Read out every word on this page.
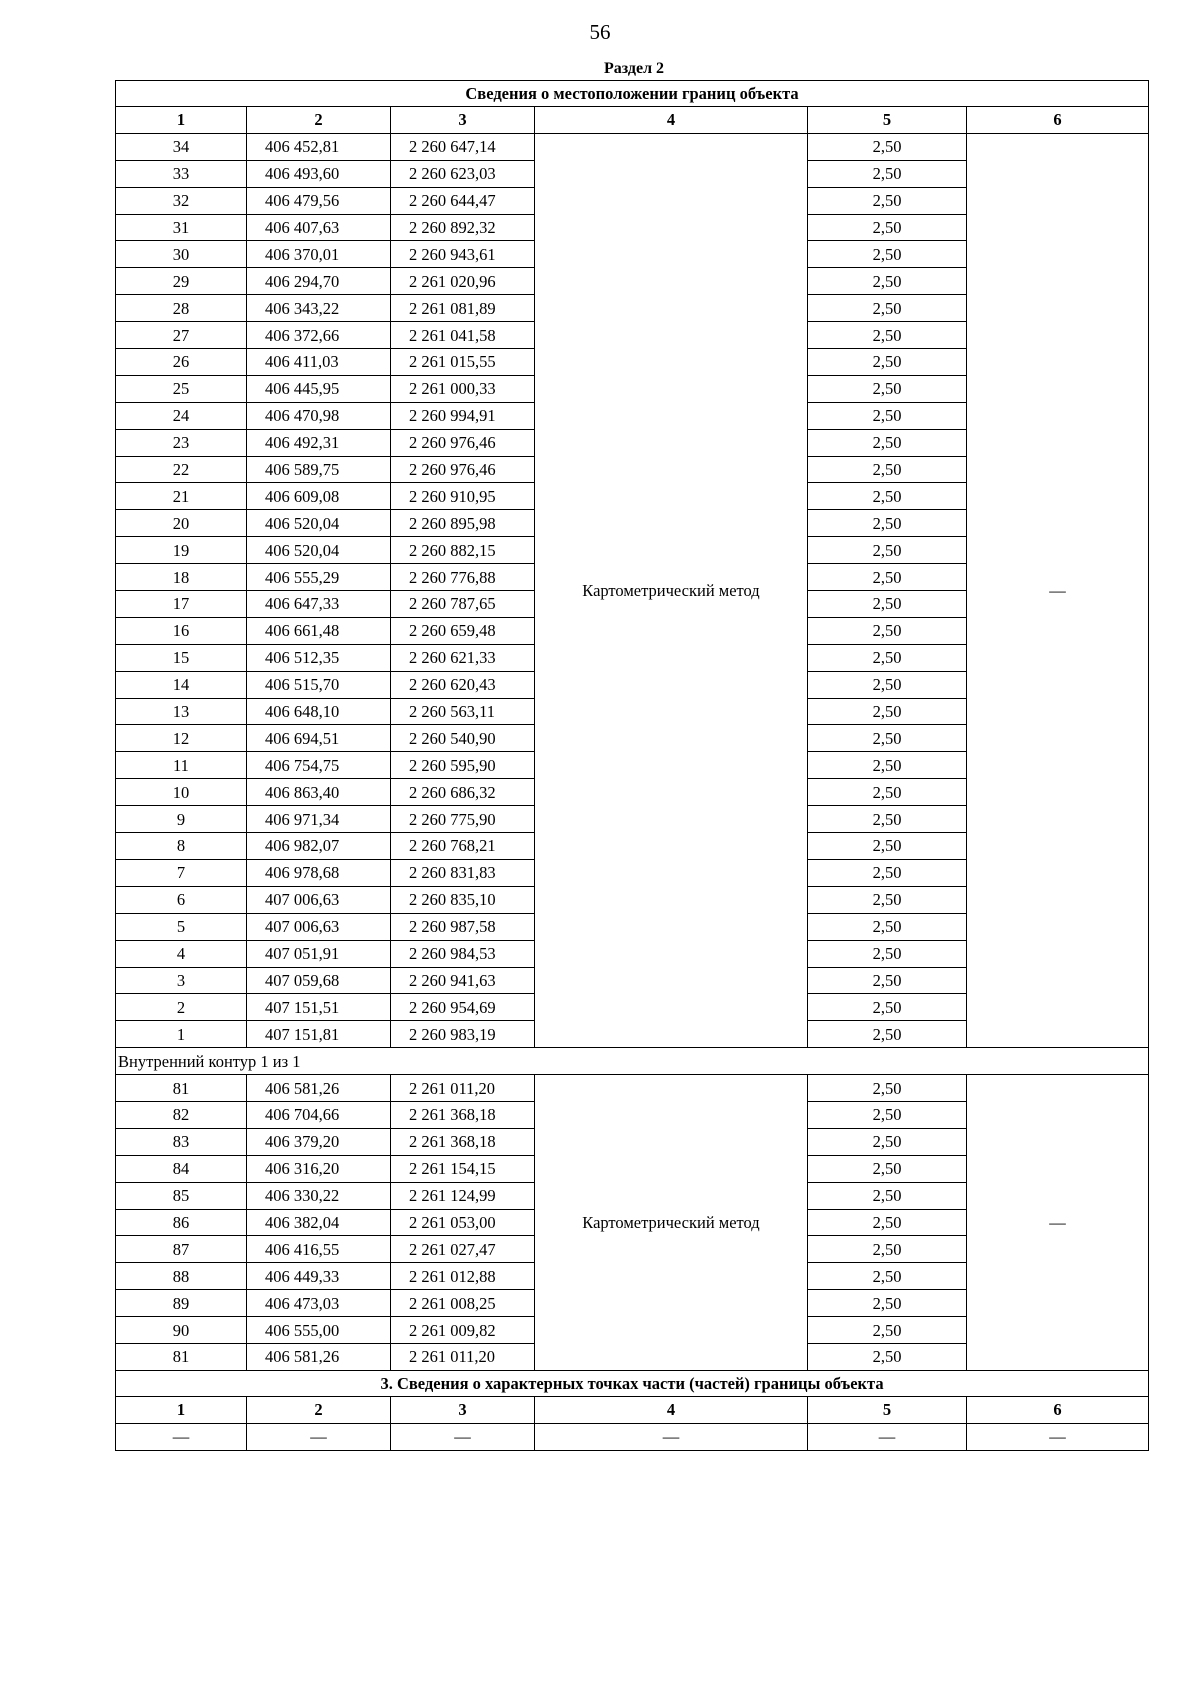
56
Раздел 2
Сведения о местоположении границ объекта					
1	2	3	4	5	6
34	406 452,81	2 260 647,14	Картометрический метод	2,50	—
33	406 493,60	2 260 623,03		2,50	
32	406 479,56	2 260 644,47		2,50	
31	406 407,63	2 260 892,32		2,50	
30	406 370,01	2 260 943,61		2,50	
29	406 294,70	2 261 020,96		2,50	
28	406 343,22	2 261 081,89		2,50	
27	406 372,66	2 261 041,58		2,50	
26	406 411,03	2 261 015,55		2,50	
25	406 445,95	2 261 000,33		2,50	
24	406 470,98	2 260 994,91		2,50	
23	406 492,31	2 260 976,46		2,50	
22	406 589,75	2 260 976,46		2,50	
21	406 609,08	2 260 910,95		2,50	
20	406 520,04	2 260 895,98		2,50	
19	406 520,04	2 260 882,15		2,50	
18	406 555,29	2 260 776,88		2,50	
17	406 647,33	2 260 787,65		2,50	
16	406 661,48	2 260 659,48		2,50	
15	406 512,35	2 260 621,33		2,50	
14	406 515,70	2 260 620,43		2,50	
13	406 648,10	2 260 563,11		2,50	
12	406 694,51	2 260 540,90		2,50	
11	406 754,75	2 260 595,90		2,50	
10	406 863,40	2 260 686,32		2,50	
9	406 971,34	2 260 775,90		2,50	
8	406 982,07	2 260 768,21		2,50	
7	406 978,68	2 260 831,83		2,50	
6	407 006,63	2 260 835,10		2,50	
5	407 006,63	2 260 987,58		2,50	
4	407 051,91	2 260 984,53		2,50	
3	407 059,68	2 260 941,63		2,50	
2	407 151,51	2 260 954,69		2,50	
1	407 151,81	2 260 983,19		2,50	
Внутренний контур 1 из 1					
81	406 581,26	2 261 011,20	Картометрический метод	2,50	—
82	406 704,66	2 261 368,18		2,50	
83	406 379,20	2 261 368,18		2,50	
84	406 316,20	2 261 154,15		2,50	
85	406 330,22	2 261 124,99		2,50	
86	406 382,04	2 261 053,00		2,50	
87	406 416,55	2 261 027,47		2,50	
88	406 449,33	2 261 012,88		2,50	
89	406 473,03	2 261 008,25		2,50	
90	406 555,00	2 261 009,82		2,50	
81	406 581,26	2 261 011,20		2,50	
3. Сведения о характерных точках части (частей) границы объекта					
1	2	3	4	5	6
—	—	—	—	—	—
